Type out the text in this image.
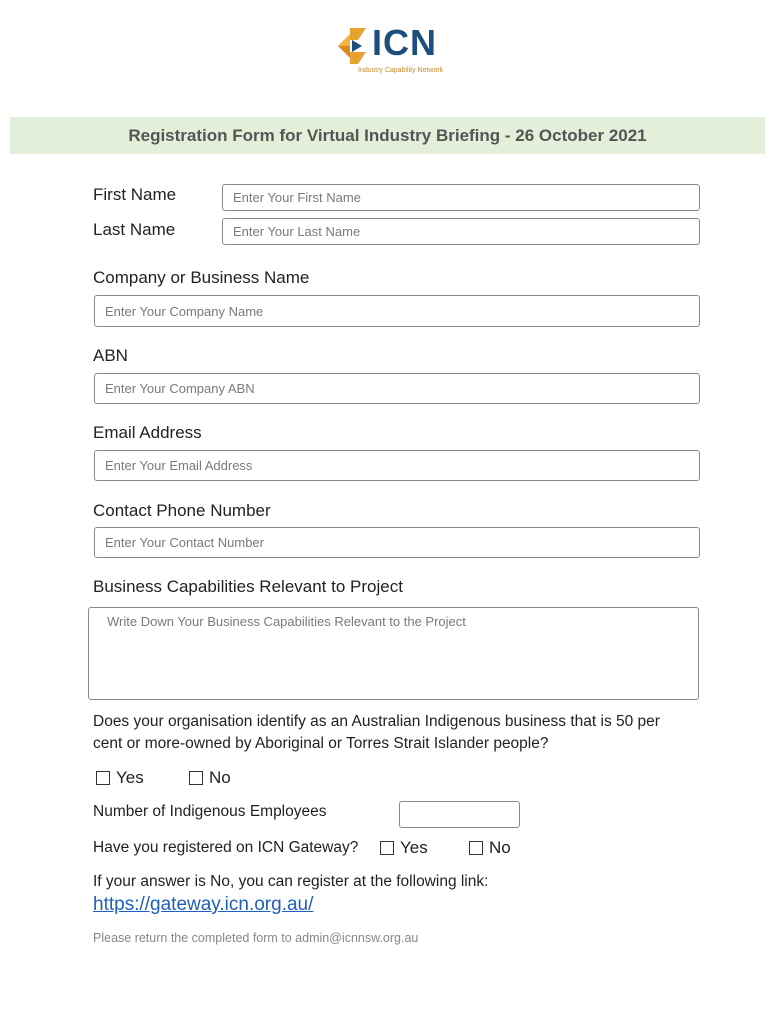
ICN
Industry Capability Network
Registration Form for Virtual Industry Briefing - 26 October 2021
First Name
Enter Your First Name
Last Name
Enter Your Last Name
Company or Business Name
Enter Your Company Name
ABN
Enter Your Company ABN
Email Address
Enter Your Email Address
Contact Phone Number
Enter Your Contact Number
Business Capabilities Relevant to Project
Write Down Your Business Capabilities Relevant to the Project
Does your organisation identify as an Australian Indigenous business that is 50 per cent or more-owned by Aboriginal or Torres Strait Islander people?
Yes	No
Number of Indigenous Employees
Have you registered on ICN Gateway? Yes	No
If your answer is No, you can register at the following link:
https://gateway.icn.org.au/
Please return the completed form to admin@icnnsw.org.au
